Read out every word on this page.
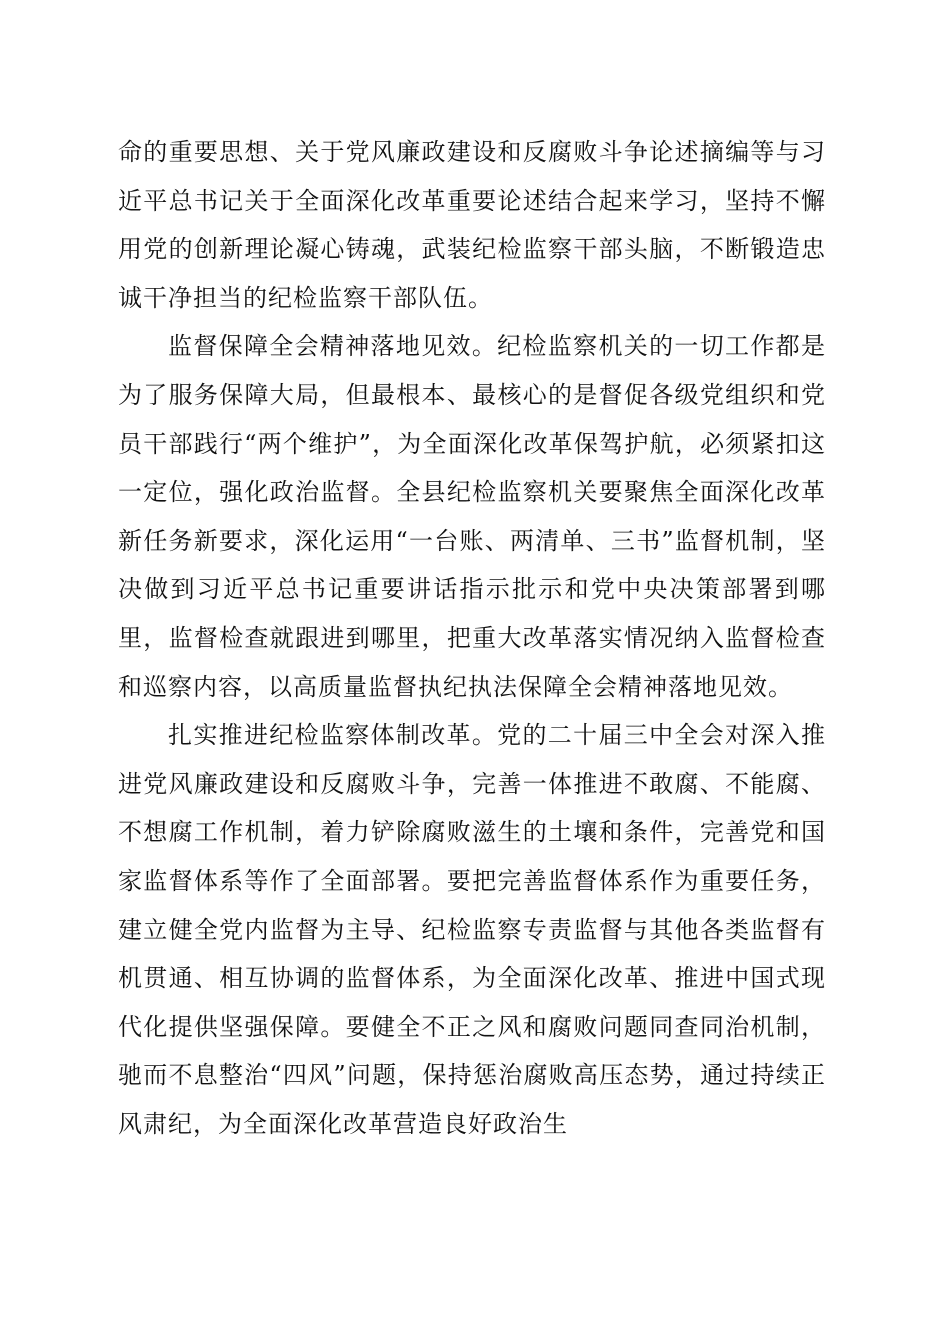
命的重要思想、关于党风廉政建设和反腐败斗争论述摘编等与习近平总书记关于全面深化改革重要论述结合起来学习，坚持不懈用党的创新理论凝心铸魂，武装纪检监察干部头脑，不断锻造忠诚干净担当的纪检监察干部队伍。

监督保障全会精神落地见效。纪检监察机关的一切工作都是为了服务保障大局，但最根本、最核心的是督促各级党组织和党员干部践行“两个维护”，为全面深化改革保驾护航，必须紧扣这一定位，强化政治监督。全县纪检监察机关要聚焦全面深化改革新任务新要求，深化运用“一台账、两清单、三书”监督机制，坚决做到习近平总书记重要讲话指示批示和党中央决策部署到哪里，监督检查就跟进到哪里，把重大改革落实情况纳入监督检查和巡察内容，以高质量监督执纪执法保障全会精神落地见效。

扎实推进纪检监察体制改革。党的二十届三中全会对深入推进党风廉政建设和反腐败斗争，完善一体推进不敢腐、不能腐、不想腐工作机制，着力铲除腐败滋生的土壤和条件，完善党和国家监督体系等作了全面部署。要把完善监督体系作为重要任务，建立健全党内监督为主导、纪检监察专责监督与其他各类监督有机贯通、相互协调的监督体系，为全面深化改革、推进中国式现代化提供坚强保障。要健全不正之风和腐败问题同查同治机制，驰而不息整治“四风”问题，保持惩治腐败高压态势，通过持续正风肃纪，为全面深化改革营造良好政治生
